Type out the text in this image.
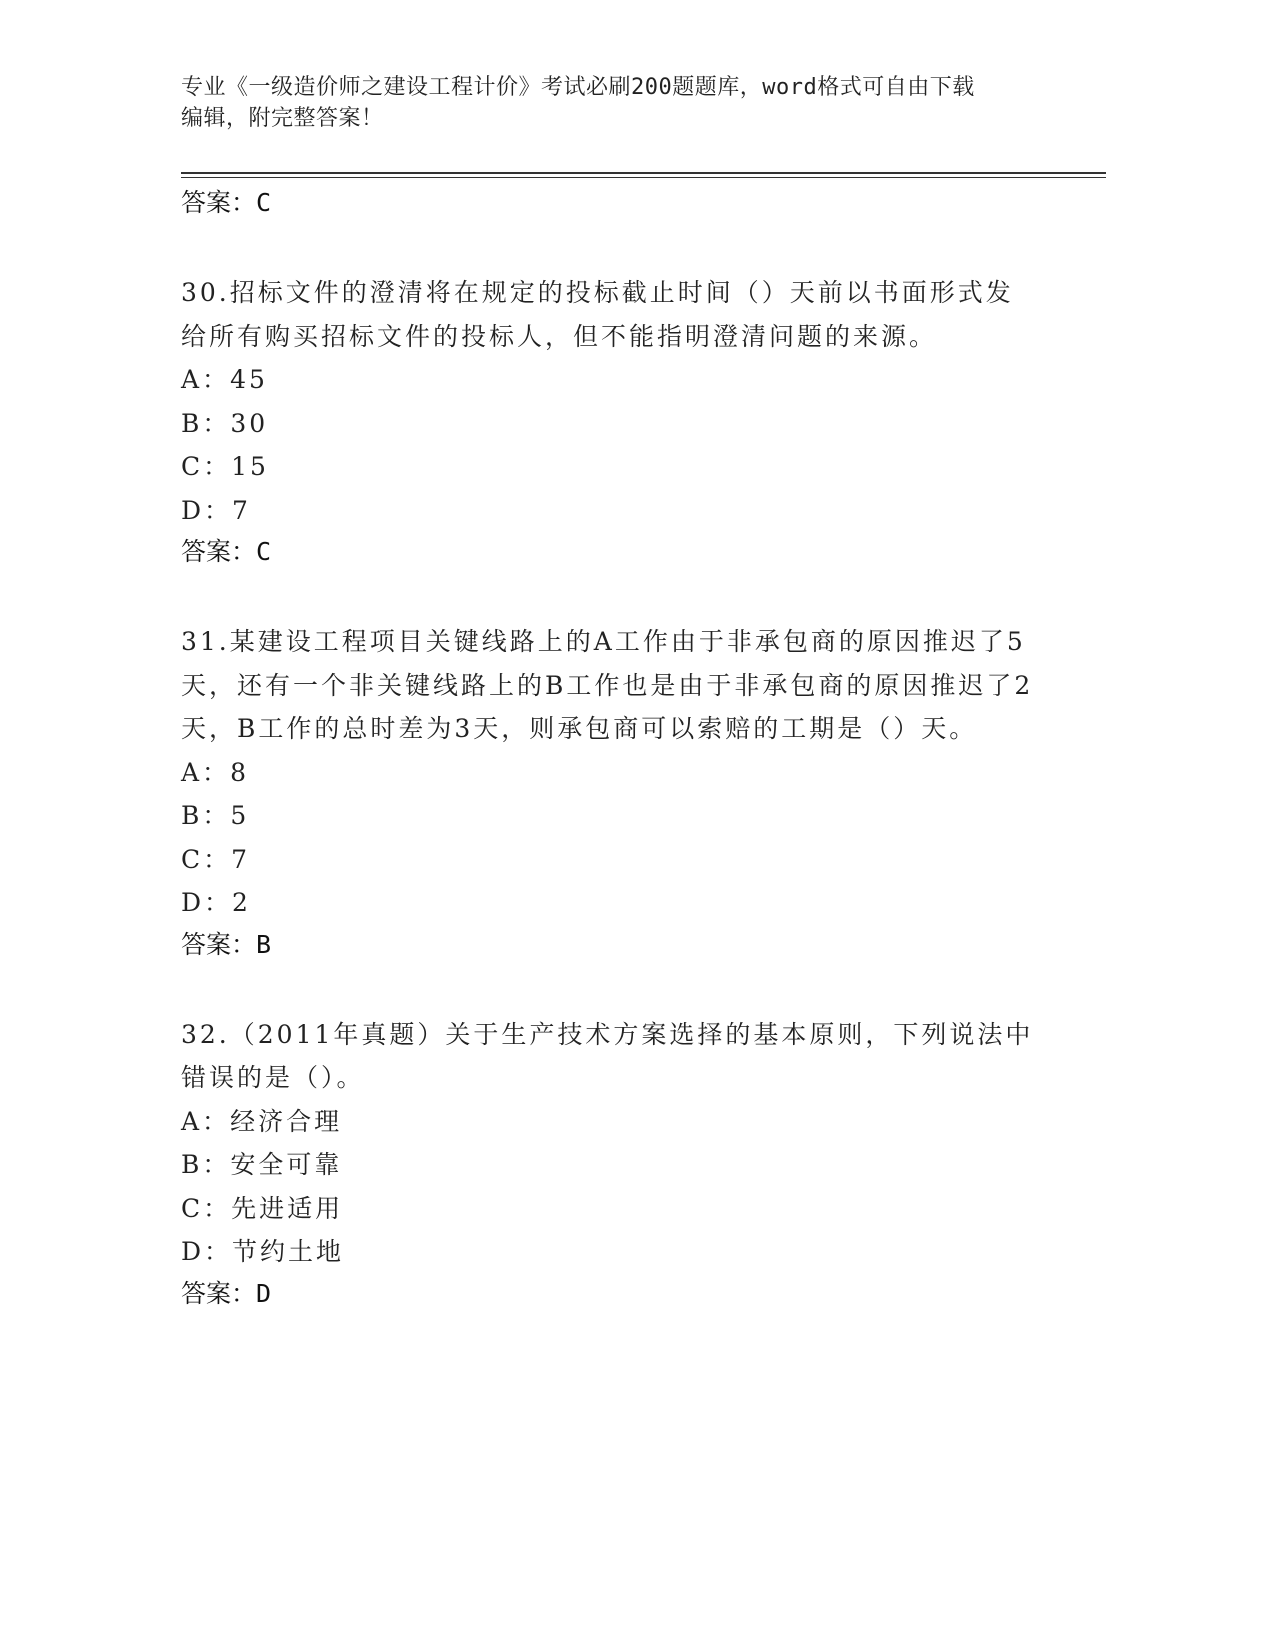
专业《一级造价师之建设工程计价》考试必刷200题题库，word格式可自由下载
编辑，附完整答案！
答案：C
30.招标文件的澄清将在规定的投标截止时间（）天前以书面形式发给所有购买招标文件的投标人，但不能指明澄清问题的来源。
A：45
B：30
C：15
D：7
答案：C
31.某建设工程项目关键线路上的A工作由于非承包商的原因推迟了5天，还有一个非关键线路上的B工作也是由于非承包商的原因推迟了2天，B工作的总时差为3天，则承包商可以索赔的工期是（）天。
A：8
B：5
C：7
D：2
答案：B
32.（2011年真题）关于生产技术方案选择的基本原则，下列说法中错误的是（）。
A：经济合理
B：安全可靠
C：先进适用
D：节约土地
答案：D
